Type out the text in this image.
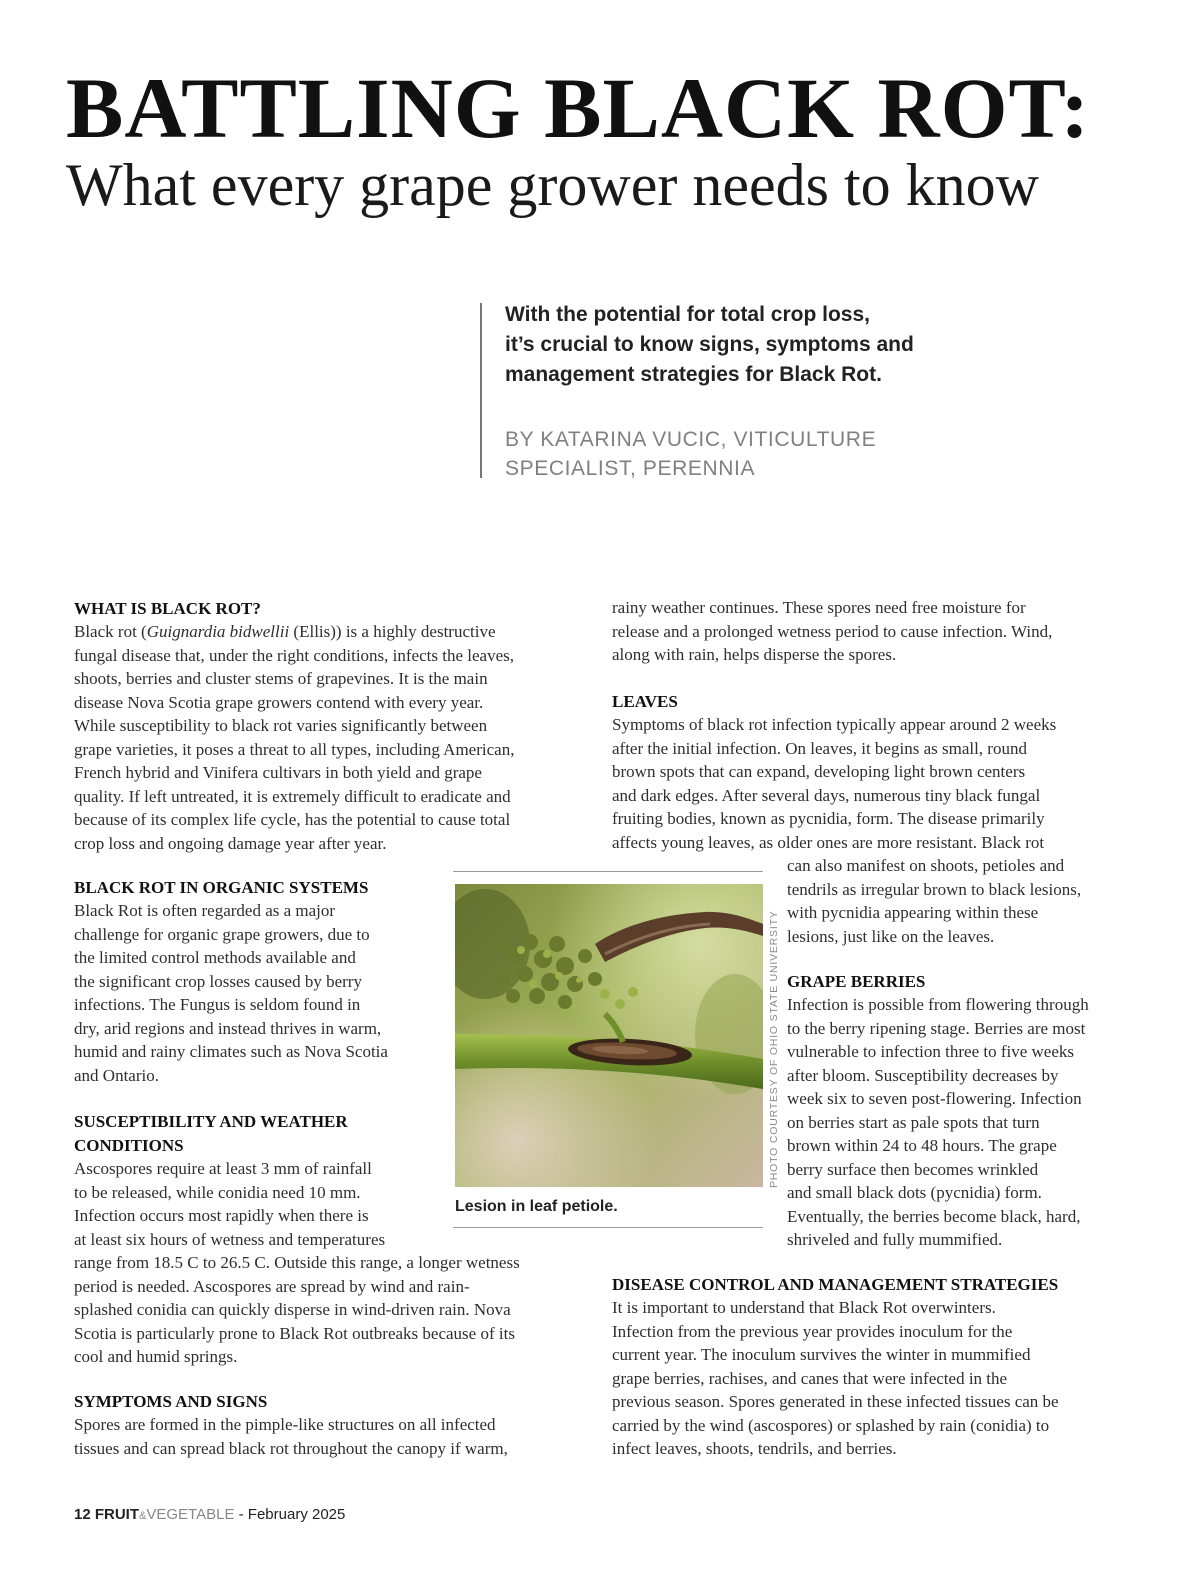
BATTLING BLACK ROT:
What every grape grower needs to know

With the potential for total crop loss,
it’s crucial to know signs, symptoms and
management strategies for Black Rot.

BY KATARINA VUCIC, VITICULTURE
SPECIALIST, PERENNIA

WHAT IS BLACK ROT?

Black rot (Guignardia bidwellii (Ellis)) is a highly destructive
fungal disease that, under the right conditions, infects the leaves,
shoots, berries and cluster stems of grapevines. It is the main
disease Nova Scotia grape growers contend with every year.
While susceptibility to black rot varies significantly between
grape varieties, it poses a threat to all types, including American,
French hybrid and Vinifera cultivars in both yield and grape
quality. If left untreated, it is extremely difficult to eradicate and
because of its complex life cycle, has the potential to cause total
crop loss and ongoing damage year after year.

BLACK ROT IN ORGANIC SYSTEMS

Black Rot is often regarded as a major
challenge for organic grape growers, due to
the limited control methods available and
the significant crop losses caused by berry
infections. The Fungus is seldom found in
dry, arid regions and instead thrives in warm,
humid and rainy climates such as Nova Scotia
and Ontario.

SUSCEPTIBILITY AND WEATHER
CONDITIONS

Ascospores require at least 3 mm of rainfall
to be released, while conidia need 10 mm.
Infection occurs most rapidly when there is
at least six hours of wetness and temperatures
range from 18.5 C to 26.5 C. Outside this range, a longer wetness
period is needed. Ascospores are spread by wind and rain-
splashed conidia can quickly disperse in wind-driven rain. Nova
Scotia is particularly prone to Black Rot outbreaks because of its
cool and humid springs.

SYMPTOMS AND SIGNS

Spores are formed in the pimple-like structures on all infected
tissues and can spread black rot throughout the canopy if warm,

rainy weather continues. These spores need free moisture for
release and a prolonged wetness period to cause infection. Wind,
along with rain, helps disperse the spores.

LEAVES

Symptoms of black rot infection typically appear around 2 weeks
after the initial infection. On leaves, it begins as small, round
brown spots that can expand, developing light brown centers
and dark edges. After several days, numerous tiny black fungal
fruiting bodies, known as pycnidia, form. The disease primarily
affects young leaves, as older ones are more resistant. Black rot

can also manifest on shoots, petioles and
tendrils as irregular brown to black lesions,
with pycnidia appearing within these
lesions, just like on the leaves.

GRAPE BERRIES

Infection is possible from flowering through
to the berry ripening stage. Berries are most
vulnerable to infection three to five weeks
after bloom. Susceptibility decreases by
week six to seven post-flowering. Infection
on berries start as pale spots that turn
brown within 24 to 48 hours. The grape
berry surface then becomes wrinkled
and small black dots (pycnidia) form.
Eventually, the berries become black, hard,
shriveled and fully mummified.

DISEASE CONTROL AND MANAGEMENT STRATEGIES

It is important to understand that Black Rot overwinters.
Infection from the previous year provides inoculum for the
current year. The inoculum survives the winter in mummified
grape berries, rachises, and canes that were infected in the
previous season. Spores generated in these infected tissues can be
carried by the wind (ascospores) or splashed by rain (conidia) to
infect leaves, shoots, tendrils, and berries.

PHOTO COURTESY OF OHIO STATE UNIVERSITY
Lesion in leaf petiole.
12 FRUIT&VEGETABLE - February 2025
